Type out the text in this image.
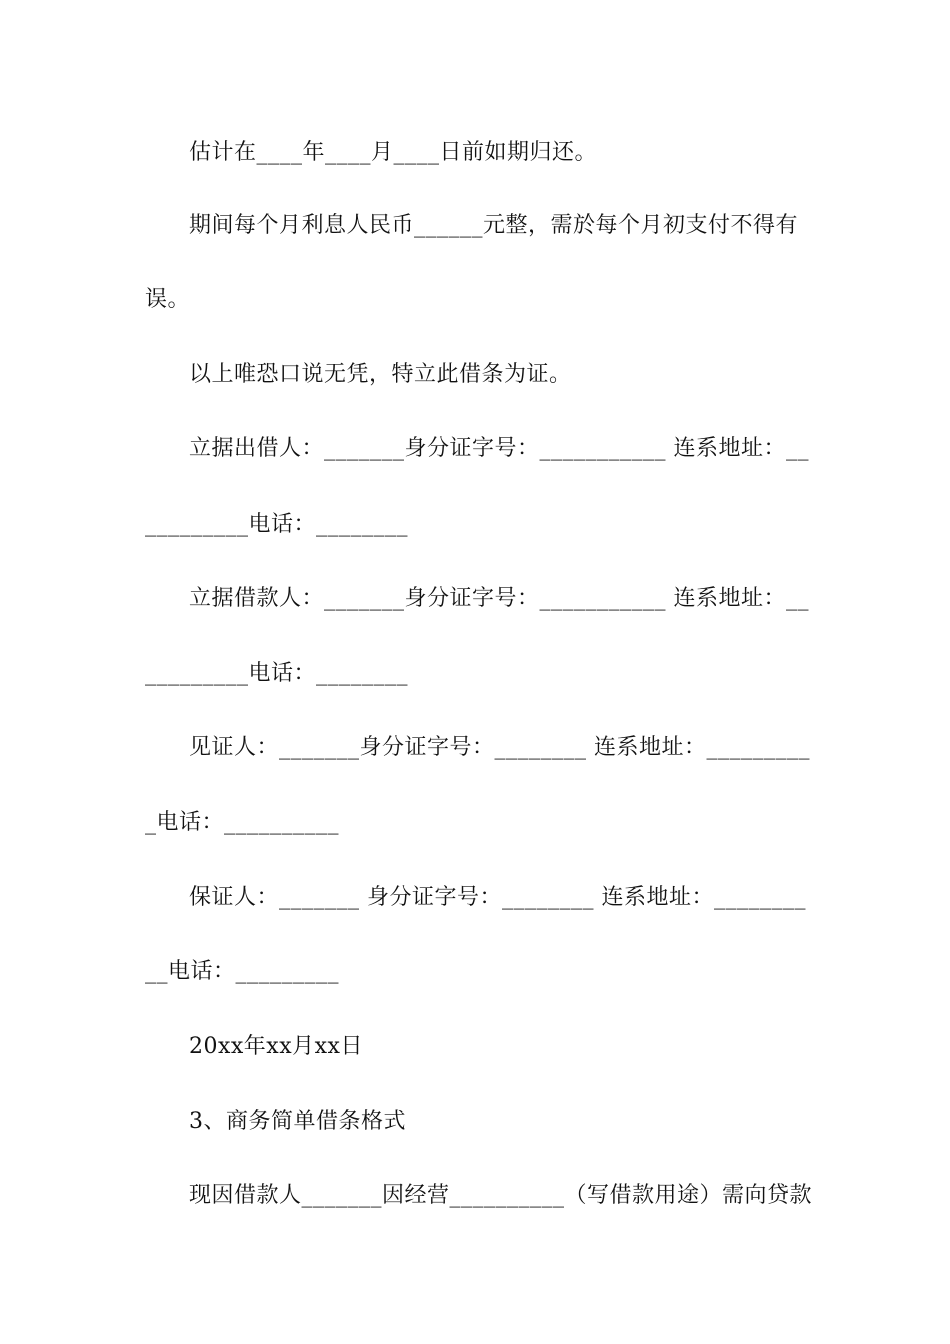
估计在____年____月____日前如期归还。
期间每个月利息人民币______元整，需於每个月初支付不得有
误。
以上唯恐口说无凭，特立此借条为证。
立据出借人：_______身分证字号：___________ 连系地址：__
_________电话：________
立据借款人：_______身分证字号：___________ 连系地址：__
_________电话：________
见证人：_______身分证字号：________ 连系地址：_________
_电话：__________
保证人：_______ 身分证字号：________ 连系地址：________
__电话：_________
20xx年xx月xx日
3、商务简单借条格式
现因借款人_______因经营__________（写借款用途）需向贷款
